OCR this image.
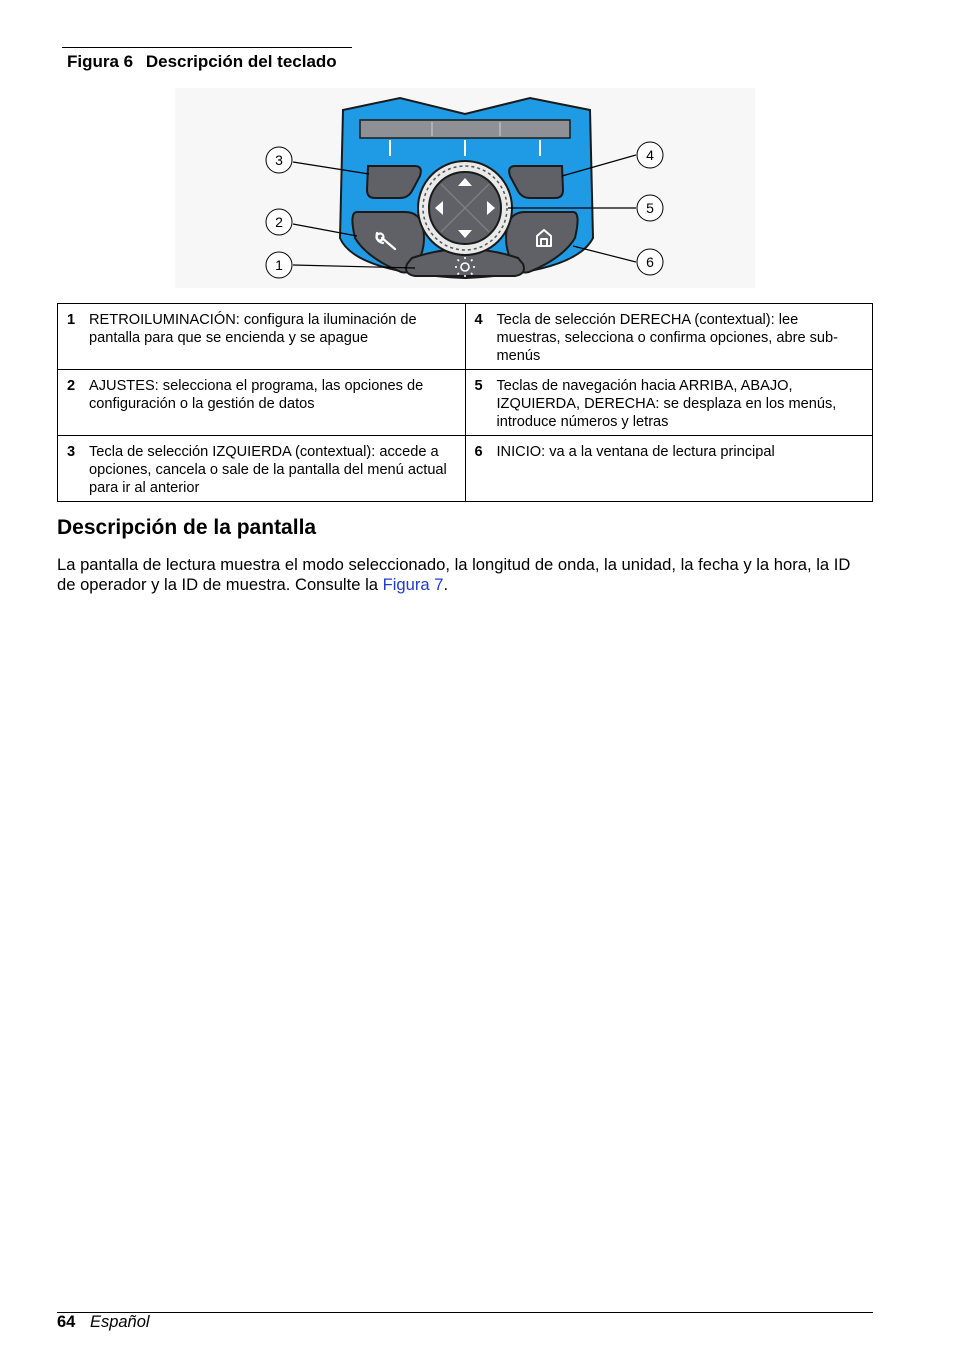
Figura 6 Descripción del teclado
3
2
1
4
5
6
1 RETROILUMINACIÓN: configura la iluminación de pantalla para que se encienda y se apague	4 Tecla de selección DERECHA (contextual): lee muestras, selecciona o confirma opciones, abre sub-menús

2 AJUSTES: selecciona el programa, las opciones de configuración o la gestión de datos	5 Teclas de navegación hacia ARRIBA, ABAJO, IZQUIERDA, DERECHA: se desplaza en los menús, introduce números y letras

3 Tecla de selección IZQUIERDA (contextual): accede a opciones, cancela o sale de la pantalla del menú actual para ir al anterior	6 INICIO: va a la ventana de lectura principal
Descripción de la pantalla
La pantalla de lectura muestra el modo seleccionado, la longitud de onda, la unidad, la fecha y la hora, la ID de operador y la ID de muestra. Consulte la Figura 7.
64 Español
